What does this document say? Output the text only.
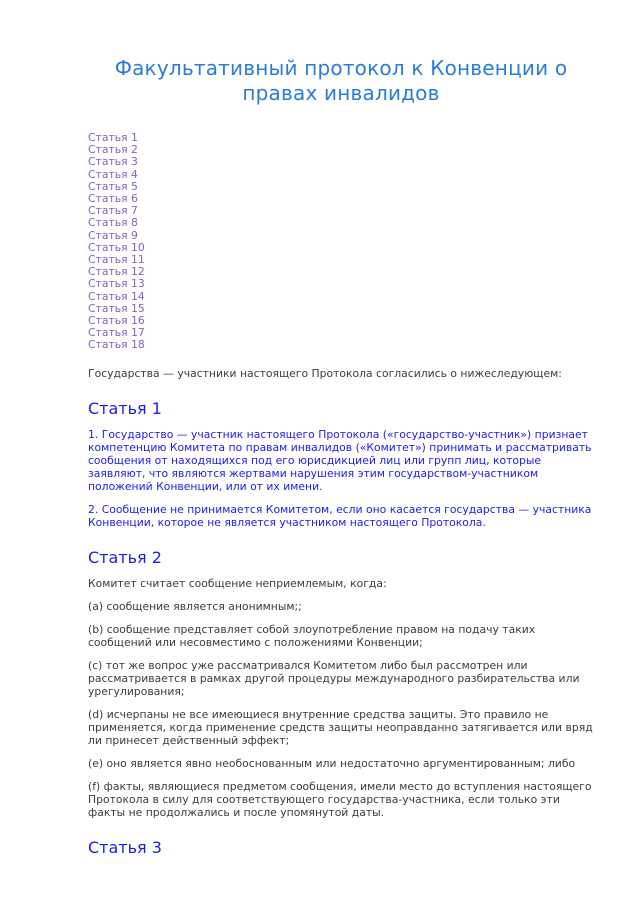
Факультативный протокол к Конвенции о правах инвалидов
Статья 1
Статья 2
Статья 3
Статья 4
Статья 5
Статья 6
Статья 7
Статья 8
Статья 9
Статья 10
Статья 11
Статья 12
Статья 13
Статья 14
Статья 15
Статья 16
Статья 17
Статья 18

Государства — участники настоящего Протокола согласились о нижеследующем:

Статья 1

1. Государство — участник настоящего Протокола («государство-участник») признает компетенцию Комитета по правам инвалидов («Комитет») принимать и рассматривать сообщения от находящихся под его юрисдикцией лиц или групп лиц, которые заявляют, что являются жертвами нарушения этим государством-участником положений Конвенции, или от их имени.

2. Сообщение не принимается Комитетом, если оно касается государства — участника Конвенции, которое не является участником настоящего Протокола.

Статья 2

Комитет считает сообщение неприемлемым, когда:

(a) сообщение является анонимным;;

(b) сообщение представляет собой злоупотребление правом на подачу таких сообщений или несовместимо с положениями Конвенции;

(c) тот же вопрос уже рассматривался Комитетом либо был рассмотрен или рассматривается в рамках другой процедуры международного разбирательства или урегулирования;

(d) исчерпаны не все имеющиеся внутренние средства защиты. Это правило не применяется, когда применение средств защиты неоправданно затягивается или вряд ли принесет действенный эффект;

(e) оно является явно необоснованным или недостаточно аргументированным; либо

(f) факты, являющиеся предметом сообщения, имели место до вступления настоящего Протокола в силу для соответствующего государства-участника, если только эти факты не продолжались и после упомянутой даты.

Статья 3
